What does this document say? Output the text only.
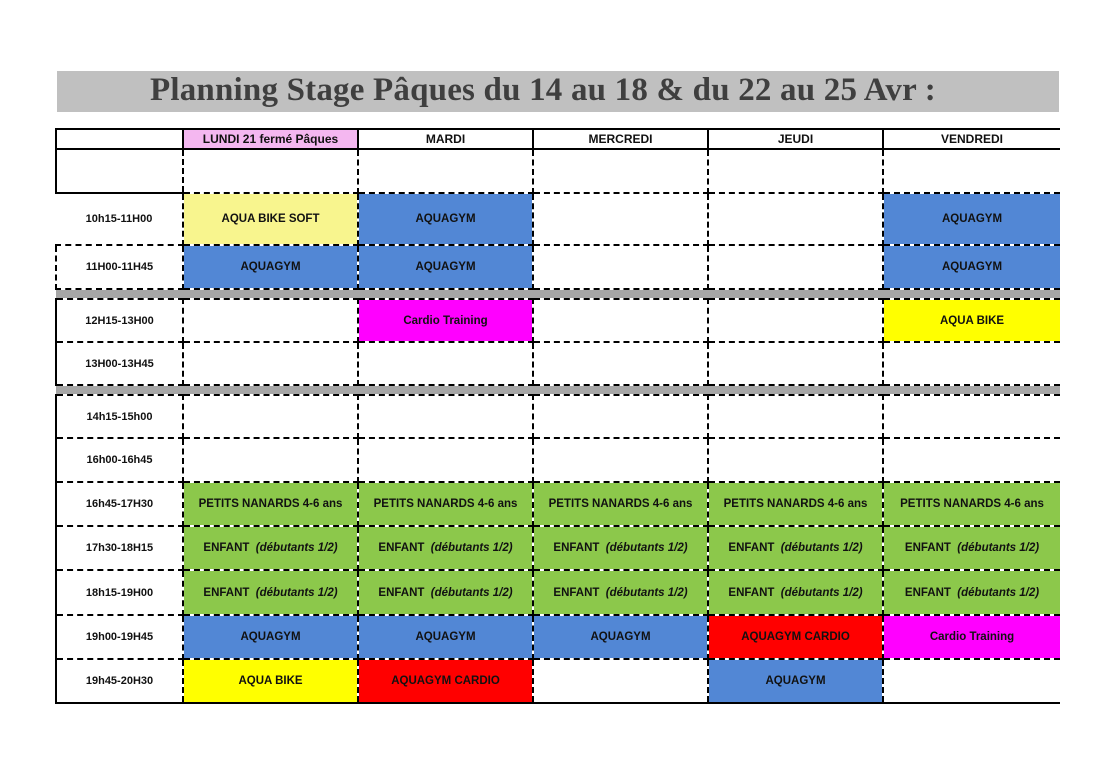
Planning Stage Pâques du 14 au 18 & du 22 au 25 Avr :

	LUNDI 21 fermé Pâques	MARDI	MERCREDI	JEUDI	VENDREDI

10h15-11H00	AQUA BIKE SOFT	AQUAGYM			AQUAGYM
11H00-11H45	AQUAGYM	AQUAGYM			AQUAGYM

12H15-13H00		Cardio Training			AQUA BIKE
13H00-13H45					

14h15-15h00					
16h00-16h45					
16h45-17H30	PETITS NANARDS 4-6 ans	PETITS NANARDS 4-6 ans	PETITS NANARDS 4-6 ans	PETITS NANARDS 4-6 ans	PETITS NANARDS 4-6 ans
17h30-18H15	ENFANT (débutants 1/2)	ENFANT (débutants 1/2)	ENFANT (débutants 1/2)	ENFANT (débutants 1/2)	ENFANT (débutants 1/2)
18h15-19H00	ENFANT (débutants 1/2)	ENFANT (débutants 1/2)	ENFANT (débutants 1/2)	ENFANT (débutants 1/2)	ENFANT (débutants 1/2)
19h00-19H45	AQUAGYM	AQUAGYM	AQUAGYM	AQUAGYM CARDIO	Cardio Training
19h45-20H30	AQUA BIKE	AQUAGYM CARDIO		AQUAGYM	
